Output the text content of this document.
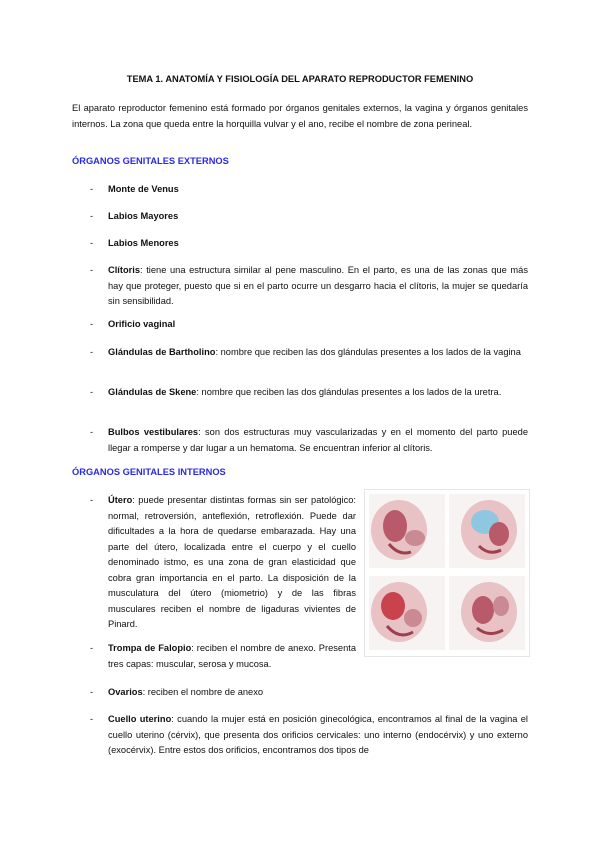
TEMA 1. ANATOMÍA Y FISIOLOGÍA DEL APARATO REPRODUCTOR FEMENINO
El aparato reproductor femenino está formado por órganos genitales externos, la vagina y órganos genitales internos. La zona que queda entre la horquilla vulvar y el ano, recibe el nombre de zona perineal.
ÓRGANOS GENITALES EXTERNOS
- Monte de Venus
- Labios Mayores
- Labios Menores
- Clítoris: tiene una estructura similar al pene masculino. En el parto, es una de las zonas que más hay que proteger, puesto que si en el parto ocurre un desgarro hacia el clítoris, la mujer se quedaría sin sensibilidad.
- Orificio vaginal
- Glándulas de Bartholino: nombre que reciben las dos glándulas presentes a los lados de la vagina
- Glándulas de Skene: nombre que reciben las dos glándulas presentes a los lados de la uretra.
- Bulbos vestibulares: son dos estructuras muy vascularizadas y en el momento del parto puede llegar a romperse y dar lugar a un hematoma. Se encuentran inferior al clítoris.
ÓRGANOS GENITALES INTERNOS
- Útero: puede presentar distintas formas sin ser patológico: normal, retroversión, anteflexión, retroflexión. Puede dar dificultades a la hora de quedarse embarazada. Hay una parte del útero, localizada entre el cuerpo y el cuello denominado istmo, es una zona de gran elasticidad que cobra gran importancia en el parto. La disposición de la musculatura del útero (miometrio) y de las fibras musculares reciben el nombre de ligaduras vivientes de Pinard.
- Trompa de Falopio: reciben el nombre de anexo. Presenta tres capas: muscular, serosa y mucosa.
- Ovarios: reciben el nombre de anexo
- Cuello uterino: cuando la mujer está en posición ginecológica, encontramos al final de la vagina el cuello uterino (cérvix), que presenta dos orificios cervicales: uno interno (endocérvix) y uno externo (exocérvix). Entre estos dos orificios, encontramos dos tipos de
